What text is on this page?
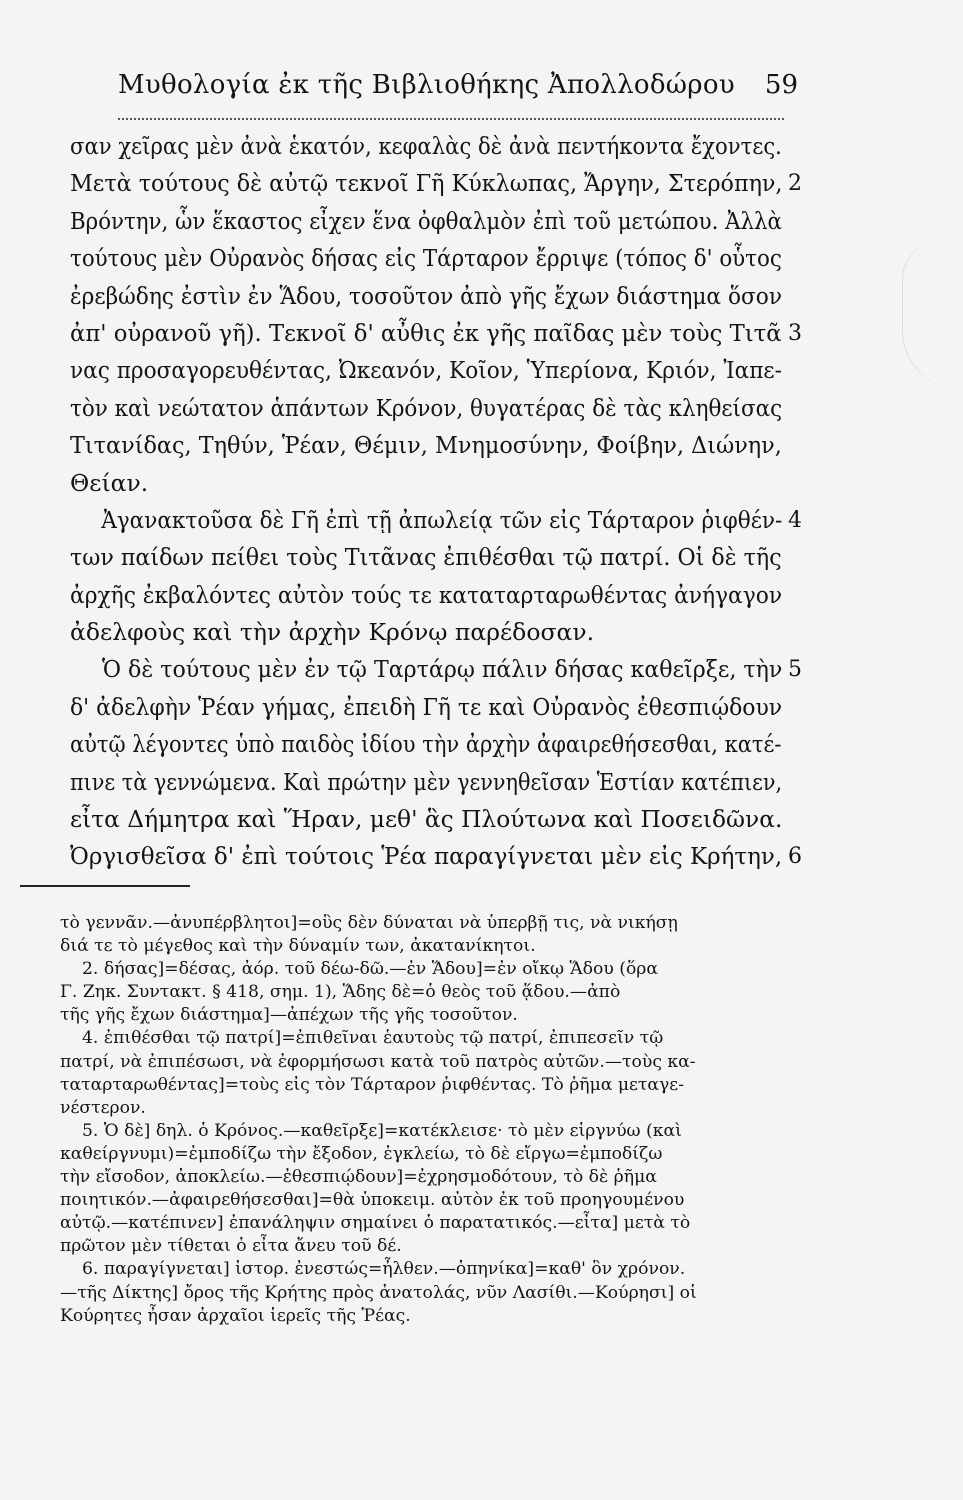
Μυθολογία ἐκ τῆς Βιβλιοθήκης Ἀπολλοδώρου 59
σαν χεῖρας μὲν ἀνὰ ἑκατόν, κεφαλὰς δὲ ἀνὰ πεντήκοντα ἔχοντες.
Μετὰ τούτους δὲ αὐτῷ τεκνοῖ Γῆ Κύκλωπας, Ἄργην, Στερόπην, 2
Βρόντην, ὧν ἕκαστος εἶχεν ἕνα ὀφθαλμὸν ἐπὶ τοῦ μετώπου. Ἀλλὰ
τούτους μὲν Οὐρανὸς δήσας εἰς Τάρταρον ἔρριψε (τόπος δ' οὗτος
ἐρεβώδης ἐστὶν ἐν Ἅδου, τοσοῦτον ἀπὸ γῆς ἔχων διάστημα ὅσον
ἀπ' οὐρανοῦ γῆ). Τεκνοῖ δ' αὖθις ἐκ γῆς παῖδας μὲν τοὺς Τιτᾶ 3
νας προσαγορευθέντας, Ὠκεανόν, Κοῖον, Ὑπερίονα, Κριόν, Ἰαπε-
τὸν καὶ νεώτατον ἁπάντων Κρόνον, θυγατέρας δὲ τὰς κληθείσας
Τιτανίδας, Τηθύν, Ῥέαν, Θέμιν, Μνημοσύνην, Φοίβην, Διώνην,
Θείαν.
Ἀγανακτοῦσα δὲ Γῆ ἐπὶ τῇ ἀπωλείᾳ τῶν εἰς Τάρταρον ῥιφθέν- 4
των παίδων πείθει τοὺς Τιτᾶνας ἐπιθέσθαι τῷ πατρί. Οἱ δὲ τῆς
ἀρχῆς ἐκβαλόντες αὐτὸν τούς τε καταταρταρωθέντας ἀνήγαγον
ἀδελφοὺς καὶ τὴν ἀρχὴν Κρόνῳ παρέδοσαν.
Ὁ δὲ τούτους μὲν ἐν τῷ Ταρτάρῳ πάλιν δήσας καθεῖρξε, τὴν 5
δ' ἀδελφὴν Ῥέαν γήμας, ἐπειδὴ Γῆ τε καὶ Οὐρανὸς ἐθεσπιῴδουν
αὐτῷ λέγοντες ὑπὸ παιδὸς ἰδίου τὴν ἀρχὴν ἀφαιρεθήσεσθαι, κατέ-
πινε τὰ γεννώμενα. Καὶ πρώτην μὲν γεννηθεῖσαν Ἑστίαν κατέπιεν,
εἶτα Δήμητρα καὶ Ἥραν, μεθ' ἃς Πλούτωνα καὶ Ποσειδῶνα.
Ὀργισθεῖσα δ' ἐπὶ τούτοις Ῥέα παραγίγνεται μὲν εἰς Κρήτην, 6
τὸ γεννᾶν.—ἀνυπέρβλητοι]=οὓς δὲν δύναται νὰ ὑπερβῇ τις, νὰ νικήσῃ
διά τε τὸ μέγεθος καὶ τὴν δύναμίν των, ἀκατανίκητοι.
2. δήσας]=δέσας, ἀόρ. τοῦ δέω-δῶ.—ἐν Ἅδου]=ἐν οἴκῳ Ἅδου (ὅρα
Γ. Ζηκ. Συντακτ. § 418, σημ. 1), Ἅδης δὲ=ὁ θεὸς τοῦ ᾅδου.—ἀπὸ
τῆς γῆς ἔχων διάστημα]—ἀπέχων τῆς γῆς τοσοῦτον.
4. ἐπιθέσθαι τῷ πατρί]=ἐπιθεῖναι ἑαυτοὺς τῷ πατρί, ἐπιπεσεῖν τῷ
πατρί, νὰ ἐπιπέσωσι, νὰ ἐφορμήσωσι κατὰ τοῦ πατρὸς αὐτῶν.—τοὺς κα-
ταταρταρωθέντας]=τοὺς εἰς τὸν Τάρταρον ῥιφθέντας. Τὸ ῥῆμα μεταγε-
νέστερον.
5. Ὁ δὲ] δηλ. ὁ Κρόνος.—καθεῖρξε]=κατέκλεισε· τὸ μὲν εἱργνύω (καὶ
καθείργνυμι)=ἐμποδίζω τὴν ἔξοδον, ἐγκλείω, τὸ δὲ εἴργω=ἐμποδίζω
τὴν εἴσοδον, ἀποκλείω.—ἐθεσπιῴδουν]=ἐχρησμοδότουν, τὸ δὲ ῥῆμα
ποιητικόν.—ἀφαιρεθήσεσθαι]=θὰ ὑποκειμ. αὐτὸν ἐκ τοῦ προηγουμένου
αὐτῷ.—κατέπινεν] ἐπανάληψιν σημαίνει ὁ παρατατικός.—εἶτα] μετὰ τὸ
πρῶτον μὲν τίθεται ὁ εἶτα ἄνευ τοῦ δέ.
6. παραγίγνεται] ἱστορ. ἐνεστώς=ἦλθεν.—ὁπηνίκα]=καθ' ὃν χρόνον.
—τῆς Δίκτης] ὄρος τῆς Κρήτης πρὸς ἀνατολάς, νῦν Λασίθι.—Κούρησι] οἱ
Κούρητες ἦσαν ἀρχαῖοι ἱερεῖς τῆς Ῥέας.
